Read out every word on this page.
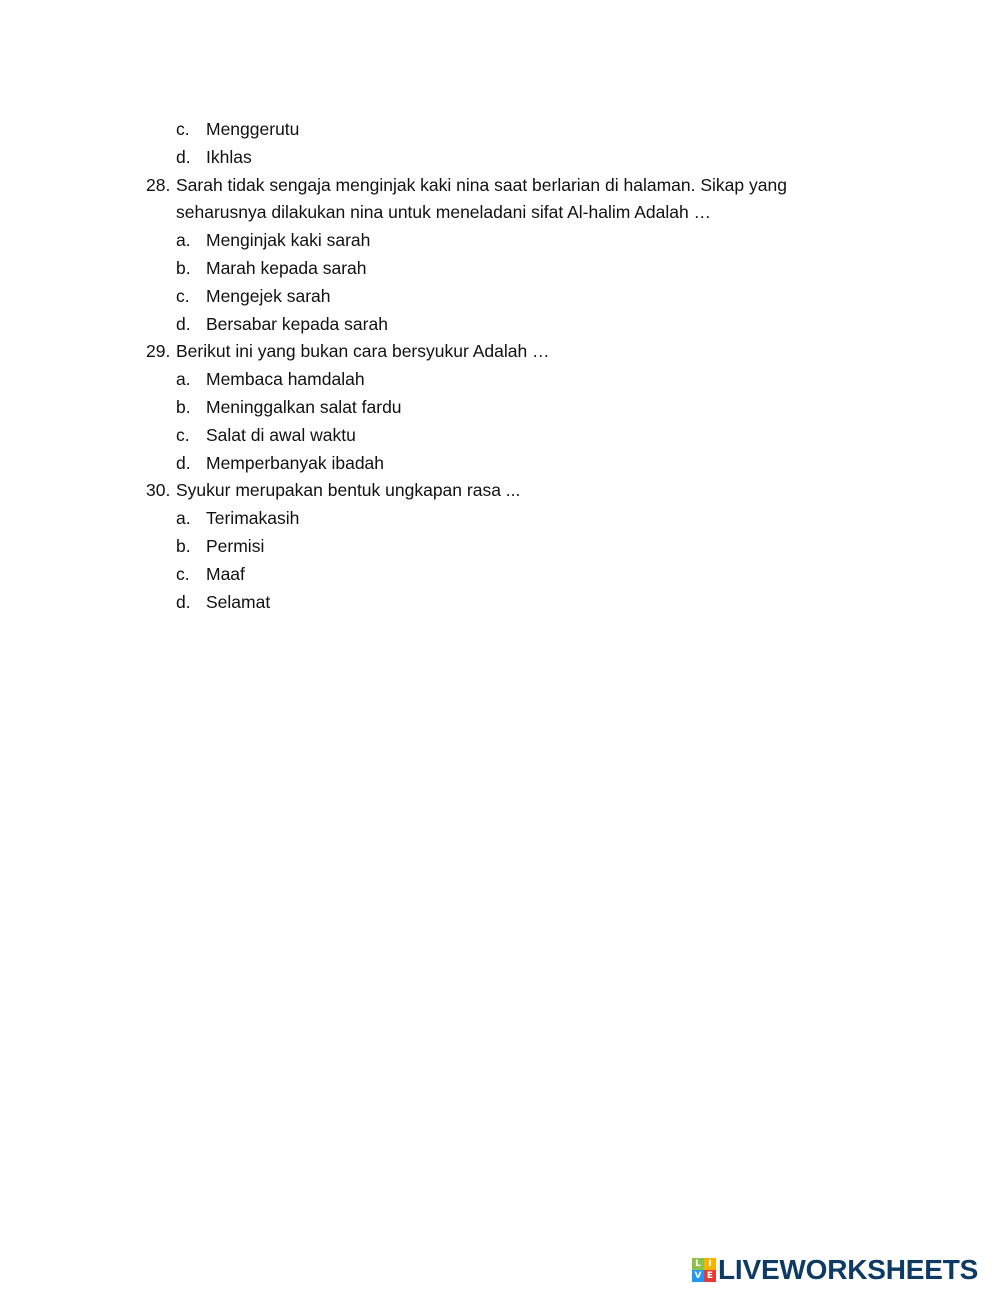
c. Menggerutu
d. Ikhlas
28. Sarah tidak sengaja menginjak kaki nina saat berlarian di halaman. Sikap yang
seharusnya dilakukan nina untuk meneladani sifat Al-halim Adalah …
a. Menginjak kaki sarah
b. Marah kepada sarah
c. Mengejek sarah
d. Bersabar kepada sarah
29. Berikut ini yang bukan cara bersyukur Adalah …
a. Membaca hamdalah
b. Meninggalkan salat fardu
c. Salat di awal waktu
d. Memperbanyak ibadah
30. Syukur merupakan bentuk ungkapan rasa ...
a. Terimakasih
b. Permisi
c. Maaf
d. Selamat
L I
V E LIVEWORKSHEETS
